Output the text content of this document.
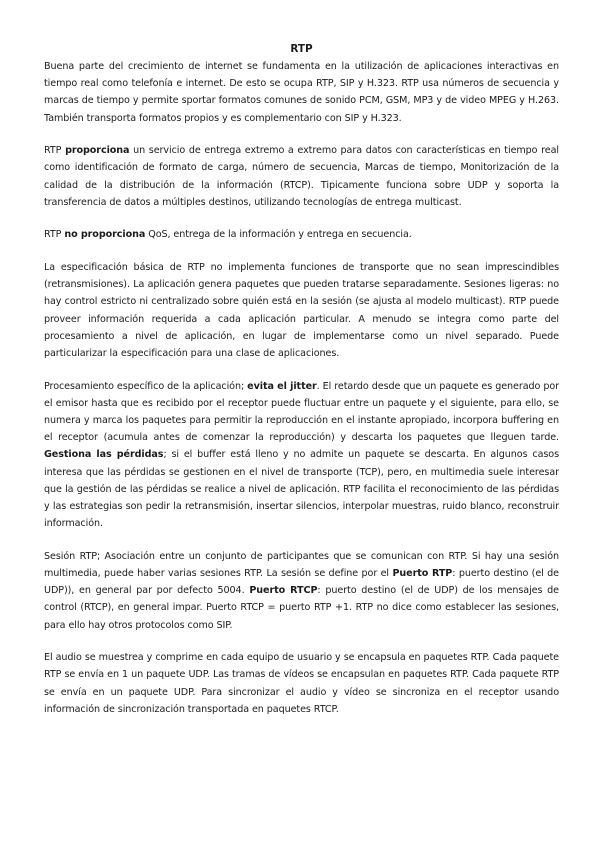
RTP

Buena parte del crecimiento de internet se fundamenta en la utilización de aplicaciones interactivas en tiempo real como telefonía e internet. De esto se ocupa RTP, SIP y H.323. RTP usa números de secuencia y marcas de tiempo y permite sportar formatos comunes de sonido PCM, GSM, MP3 y de video MPEG y H.263. También transporta formatos propios y es complementario con SIP y H.323.

RTP proporciona un servicio de entrega extremo a extremo para datos con características en tiempo real como identificación de formato de carga, número de secuencia, Marcas de tiempo, Monitorización de la calidad de la distribución de la información (RTCP). Tipicamente funciona sobre UDP y soporta la transferencia de datos a múltiples destinos, utilizando tecnologías de entrega multicast.

RTP no proporciona QoS, entrega de la información y entrega en secuencia.

La especificación básica de RTP no implementa funciones de transporte que no sean imprescindibles (retransmisiones). La aplicación genera paquetes que pueden tratarse separadamente. Sesiones ligeras: no hay control estricto ni centralizado sobre quién está en la sesión (se ajusta al modelo multicast). RTP puede proveer información requerida a cada aplicación particular. A menudo se integra como parte del procesamiento a nivel de aplicación, en lugar de implementarse como un nivel separado. Puede particularizar la especificación para una clase de aplicaciones.

Procesamiento específico de la aplicación; evita el jitter. El retardo desde que un paquete es generado por el emisor hasta que es recibido por el receptor puede fluctuar entre un paquete y el siguiente, para ello, se numera y marca los paquetes para permitir la reproducción en el instante apropiado, incorpora buffering en el receptor (acumula antes de comenzar la reproducción) y descarta los paquetes que lleguen tarde. Gestiona las pérdidas; si el buffer está lleno y no admite un paquete se descarta. En algunos casos interesa que las pérdidas se gestionen en el nivel de transporte (TCP), pero, en multimedia suele interesar que la gestión de las pérdidas se realice a nivel de aplicación. RTP facilita el reconocimiento de las pérdidas y las estrategias son pedir la retransmisión, insertar silencios, interpolar muestras, ruido blanco, reconstruir información.

Sesión RTP; Asociación entre un conjunto de participantes que se comunican con RTP. Si hay una sesión multimedia, puede haber varias sesiones RTP. La sesión se define por el Puerto RTP: puerto destino (el de UDP)), en general par por defecto 5004. Puerto RTCP: puerto destino (el de UDP) de los mensajes de control (RTCP), en general impar. Puerto RTCP = puerto RTP +1. RTP no dice como establecer las sesiones, para ello hay otros protocolos como SIP.

El audio se muestrea y comprime en cada equipo de usuario y se encapsula en paquetes RTP. Cada paquete RTP se envía en 1 un paquete UDP. Las tramas de vídeos se encapsulan en paquetes RTP. Cada paquete RTP se envía en un paquete UDP. Para sincronizar el audio y vídeo se sincroniza en el receptor usando información de sincronización transportada en paquetes RTCP.
